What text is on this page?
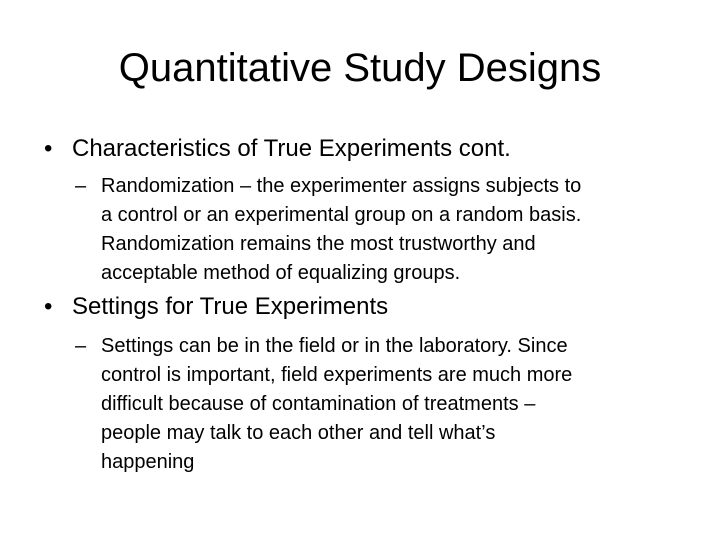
Quantitative Study Designs
• Characteristics of True Experiments cont.
– Randomization – the experimenter assigns subjects to
a control or an experimental group on a random basis.
Randomization remains the most trustworthy and
acceptable method of equalizing groups.
• Settings for True Experiments
– Settings can be in the field or in the laboratory. Since
control is important, field experiments are much more
difficult because of contamination of treatments –
people may talk to each other and tell what’s
happening
